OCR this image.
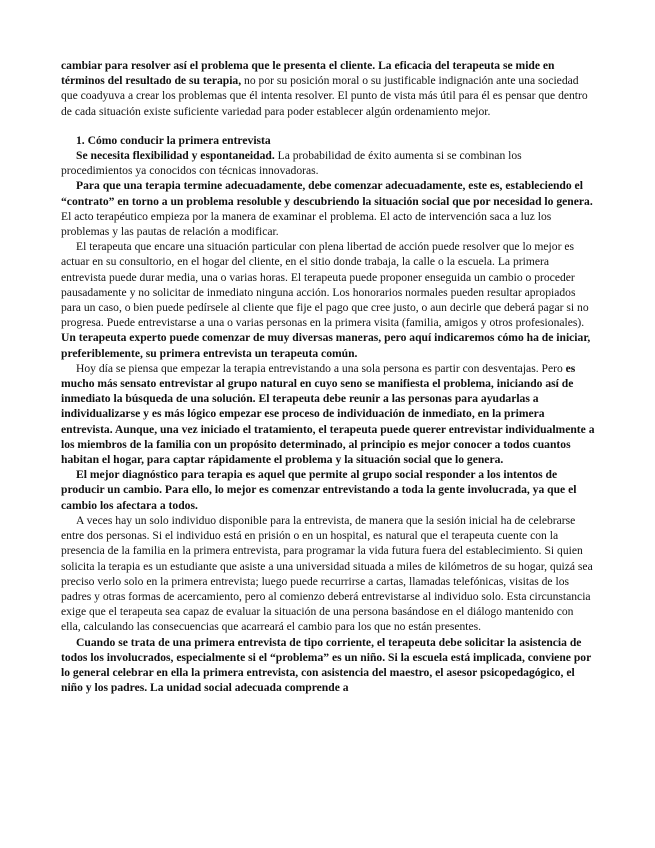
cambiar para resolver así el problema que le presenta el cliente. La eficacia del terapeuta se mide en términos del resultado de su terapia, no por su posición moral o su justificable indignación ante una sociedad que coadyuva a crear los problemas que él intenta resolver. El punto de vista más útil para él es pensar que dentro de cada situación existe suficiente variedad para poder establecer algún ordenamiento mejor.

1. Cómo conducir la primera entrevista

Se necesita flexibilidad y espontaneidad. La probabilidad de éxito aumenta si se combinan los procedimientos ya conocidos con técnicas innovadoras.

Para que una terapia termine adecuadamente, debe comenzar adecuadamente, este es, estableciendo el “contrato” en torno a un problema resoluble y descubriendo la situación social que por necesidad lo genera. El acto terapéutico empieza por la manera de examinar el problema. El acto de intervención saca a luz los problemas y las pautas de relación a modificar.

El terapeuta que encare una situación particular con plena libertad de acción puede resolver que lo mejor es actuar en su consultorio, en el hogar del cliente, en el sitio donde trabaja, la calle o la escuela. La primera entrevista puede durar media, una o varias horas. El terapeuta puede proponer enseguida un cambio o proceder pausadamente y no solicitar de inmediato ninguna acción. Los honorarios normales pueden resultar apropiados para un caso, o bien puede pedírsele al cliente que fije el pago que cree justo, o aun decirle que deberá pagar si no progresa. Puede entrevistarse a una o varias personas en la primera visita (familia, amigos y otros profesionales). Un terapeuta experto puede comenzar de muy diversas maneras, pero aquí indicaremos cómo ha de iniciar, preferiblemente, su primera entrevista un terapeuta común.

Hoy día se piensa que empezar la terapia entrevistando a una sola persona es partir con desventajas. Pero es mucho más sensato entrevistar al grupo natural en cuyo seno se manifiesta el problema, iniciando así de inmediato la búsqueda de una solución. El terapeuta debe reunir a las personas para ayudarlas a individualizarse y es más lógico empezar ese proceso de individuación de inmediato, en la primera entrevista. Aunque, una vez iniciado el tratamiento, el terapeuta puede querer entrevistar individualmente a los miembros de la familia con un propósito determinado, al principio es mejor conocer a todos cuantos habitan el hogar, para captar rápidamente el problema y la situación social que lo genera.

El mejor diagnóstico para terapia es aquel que permite al grupo social responder a los intentos de producir un cambio. Para ello, lo mejor es comenzar entrevistando a toda la gente involucrada, ya que el cambio los afectara a todos.

A veces hay un solo individuo disponible para la entrevista, de manera que la sesión inicial ha de celebrarse entre dos personas. Si el individuo está en prisión o en un hospital, es natural que el terapeuta cuente con la presencia de la familia en la primera entrevista, para programar la vida futura fuera del establecimiento. Si quien solicita la terapia es un estudiante que asiste a una universidad situada a miles de kilómetros de su hogar, quizá sea preciso verlo solo en la primera entrevista; luego puede recurrirse a cartas, llamadas telefónicas, visitas de los padres y otras formas de acercamiento, pero al comienzo deberá entrevistarse al individuo solo. Esta circunstancia exige que el terapeuta sea capaz de evaluar la situación de una persona basándose en el diálogo mantenido con ella, calculando las consecuencias que acarreará el cambio para los que no están presentes.

Cuando se trata de una primera entrevista de tipo corriente, el terapeuta debe solicitar la asistencia de todos los involucrados, especialmente si el “problema” es un niño. Si la escuela está implicada, conviene por lo general celebrar en ella la primera entrevista, con asistencia del maestro, el asesor psicopedagógico, el niño y los padres. La unidad social adecuada comprende a
